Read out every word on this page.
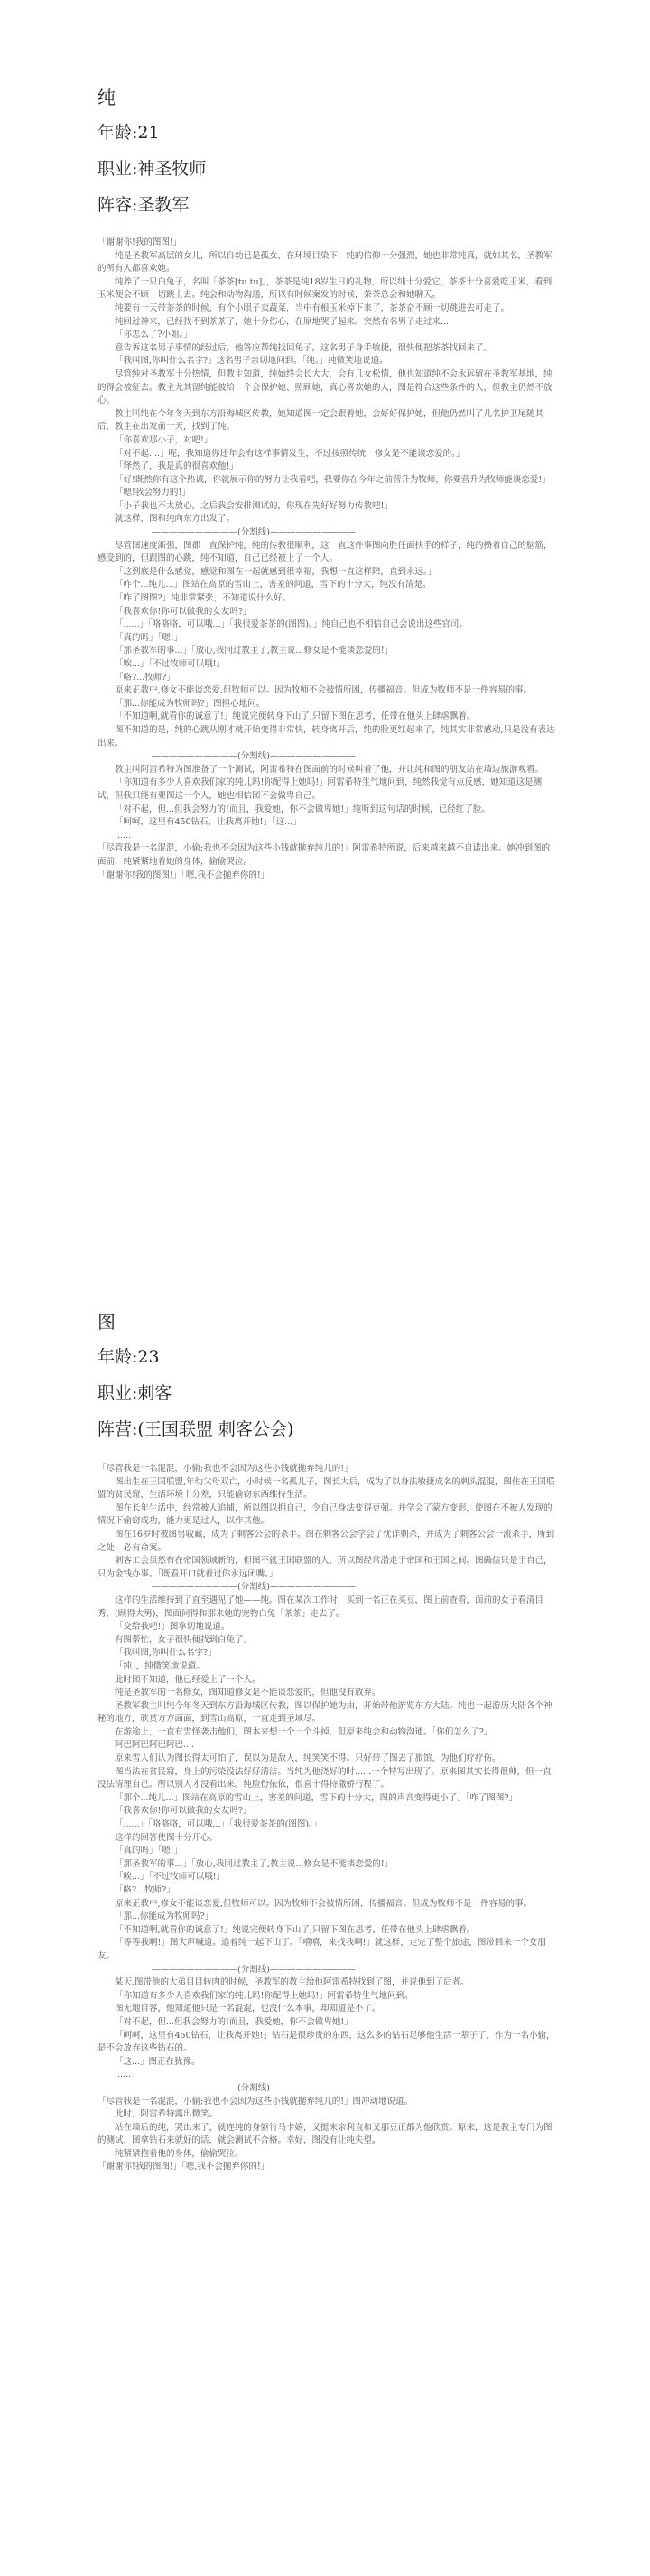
纯
年龄:21
职业:神圣牧师
阵容:圣教军

「谢谢你!我的图图!」

纯是圣教军高层的女儿，所以自幼已是孤女，在环境目染下，纯的信仰十分强烈，她也非常纯真，就如其名，圣教军的所有人都喜欢她。

纯养了一只白兔子，名叫「茶茶[tu tu]」，茶茶是纯18岁生日的礼物，所以纯十分爱它，茶茶十分喜爱吃玉米，看到玉米便会不顾一切跳上去。纯会和动物沟通，所以有时候案发的时候，茶茶总会和她聊天。

纯要有一天带茶茶的时候，有个小眼子卖蔬菜，当中有根玉米掉下来了，茶茶奋不顾一切跳进去可走了。

纯回过神来，已经找不到茶茶了，她十分伤心，在原地哭了起来。突然有名男子走过来...

「你怎么了?小姐。」

意告诉这名男子事情的经过后，他答应帮纯找回兔子，这名男子身手敏捷，很快便把茶茶找回来了。

「我叫图,你叫什么名字?」这名男子亲切地问到。「纯。」纯微笑地说道。

尽管纯对圣教军十分热情，但教主知道，纯始终会长大大，会有几女松情，他也知道纯不会永远留在圣教军基地，纯的得会被征去。教主尤其留纯能被给一个会保护她、照顾她，真心喜欢她的人，图是符合这些条件的人，但教主仍然不放心。

教主叫纯在今年冬天到东方沿海城区传教，她知道图一定会跟着她，会好好保护她，但他仍然叫了几名护卫尾随其后，教主在出发前一天，找到了纯。

「你喜欢那小子，对吧!」

「对不起....」呢，我知道你还年会有这样事情发生，不过按照传统，修女是不能谈恋爱的。」

「释然了，我是真的很喜欢他!」

「好!既然你有这个热诚，你就展示你的努力让我看吧，我要你在今年之前营升为牧师，你要营升为牧师能谈恋爱!」

「嗯!我会努力的!」

「小子我也不太放心，之后我会安排测试的，你现在先好好努力传教吧!」

就这样，图和纯向东方出发了。

——————————(分割线)——————————

尽管图速度渐强，图都一直保护纯，纯的传教很顺利，这一直这件事图向胜任面扶手的样子，纯的攒着自己的脑筋，感受到的，但跟图的心跳，纯不知道，自己已经被上了一个人。

「这到底是什么感觉，感觉和图在一起就感到很幸福，我想一直这样陪，直到永远。」

「咋个...纯儿...」图站在高原的雪山上，害羞的问道，雪下的十分大，纯没有清楚。

「咋了图图?」纯非常紧张，不知道说什么好。

「我喜欢你!你可以做我的女友吗?」

「......」「咯咯咯，可以哦...」「我很爱茶茶的(图图)。」纯自己也不相信自己会说出这些官司。

「真的吗」「嗯!」

「那圣教军的事...」「放心,我同过教主了,教主说...修女是不能谈恋爱的!」

「唉...」「不过牧师可以哦!」

「咯?...牧师?」

原来正教中,修女不能谈恋爱,但牧师可以。因为牧师不会被情所困，传播福音。但成为牧师不是一件容易的事。

「那...你能成为牧师吗?」图担心地问。

「不知道啊,就看你的诚意了!」纯说完便转身下山了,只留下图在思考，任带在他头上肆虐飘着。

图不知道的是，纯的心跳从刚才就开始变得非常快，转身离开后，纯的脸更红起来了，纯其实非常感动,只是没有表达出来。

——————————(分割线)——————————

教主叫阿雷希特为图准备了一个测试，阿雷希特在图面前的时候叫着了他，并让纯和图的朋友站在墙边旅游观看。

「你知道有多少人喜欢我们家的纯儿吗!你配得上她吗!」阿雷希特生气地问到，纯然我觉有点反感，她知道这是测试，但我只能有要图这一个人，她也相信图不会做卑自己。

「对不起，但...但我会努力的!而且，我爱她，你不会做卑她!」纯听到这句话的时候，已经红了脸。

「呵呵，这里有450钻石，让我离开她!」「这...」

......

「尽管我是一名混混，小偷;我也不会因为这些小钱就抛弃纯儿的!」阿雷希特所说，后来越来越不自诺出来。她冲到图的面前，纯紧紧地着她的身体，偷偷哭泣。

「谢谢你!我的图图!」「嗯,我不会抛弃你的!」

图
年龄:23
职业:刺客
阵营:(王国联盟 刺客公会)

「尽管我是一名混混，小偷;我也不会因为这些小钱就抛弃纯儿的!」

图出生在王国联盟,年幼父母双亡，小时候一名孤儿子，图长大后，成为了以身法敏捷成名的刺头混混，图住在王国联盟的贫民窟，生活环境十分差，只能偷窃东西维持生活。

图在长年生活中，经常被人追捕，所以图以拥自己，令自己身法变得更强。并学会了蒙方变形，使图在不被人发现的情况下偷窃成功，能力更是过人，以作其他。

图在16岁时被图男收藏，成为了刺客公会的杀手。图在刺客公会学会了忧详刺杀，并成为了刺客公会一流杀手，所到之处，必有命案。

刺客工会虽然有在帝国领域新的，但图不就王国联盟的人，所以图经常潜走于帝国和王国之间。图确信只是于自己，只为金钱办事。「既看开口就着过你永远闭嘴。」

——————————(分割线)——————————

这样的生活维持到了直至遇见了她——纯。图在某次工作时，买到一名正在买豆，图上前查看，面前的女子看清目秀，(顾得大男)，图面问得和那来她的宠物白兔「茶茶」走去了。

「交给我吧!」图拿切地说道。

有图帮忙，女子很快便找到白兔了。

「我叫图,你叫什么名字?」

「纯」，纯微笑地说道。

此时图不知道，他已经爱上了一个人。

纯是圣教军的一名修女，图知道修女是不能谈恋爱的，但他没有放弃。

圣教军教主叫纯今年冬天到东方沿海城区传教，图以保护她为由，开始带他游览东方大陆。纯也一起游历大陆各个神秘的地方，欣赏方方面面，到雪山高原，一直走到圣域尽。

在游途上，一直有雪怪袭击他们，图本来想一个一个斗掉，但原来纯会和动物沟通。「你们怎么了?」

阿巴阿巴阿巴阿巴....

原来雪人们认为图长得太可怕了，误以为是敌人，纯笑笑不得。只好带了图去了旅馆，为他们疗疗伤。

图当法在贫民窟，身上的污染没法好好清洁。当纯为他浇好的时......一个特写出现了。原来图其实长得很帅，但一直没法清理自己。所以别人才没看出来。纯脸份依依，很喜十得特撒娇行程了。

「那个...纯儿...」图站在高原的雪山上，害羞的问道，雪下的十分大，图的声音变得更小了。「咋了图图?」

「我喜欢你!你可以做我的女友吗?」

「......」「咯咯咯，可以哦...」「我很爱茶茶的(图图)。」

这样的回答使图十分开心。

「真的吗」「嗯!」

「那圣教军的事...」「放心,我同过教主了,教主说...修女是不能谈恋爱的!」

「唉...」「不过牧师可以哦!」

「咯?...牧师?」

原来正教中,修女不能谈恋爱,但牧师可以。因为牧师不会被情所困，传播福音。但成为牧师不是一件容易的事。

「那...你能成为牧师吗?」

「不知道啊,就看你的诚意了!」纯说完便转身下山了,只留下图在思考，任带在他头上肆虐飘着。

「等等我啊!」图大声喊道。追着纯一起下山了。「嘻嘻，来找我啊!」就这样，走完了整个旅途，图带回来一个女朋友。

——————————(分割线)——————————

某天,图带他的大弟目目转肉的时候，圣教军的教主给他阿雷希特找到了图，并说他到了后者。

「你知道有多少人喜欢我们家的纯儿吗!你配得上她吗!」阿雷希特生气地问到。

图无地自容，他知道他只是一名混混，也没什么本事，却知道是不了。

「对不起，但...但我会努力的!而且，我爱她，你不会做卑她!」

「呵呵，这里有450钻石，让我离开她!」钻石是很珍贵的东西，这么多的钻石足够他生活一辈子了，作为一名小偷，是不会放弃这些钻石的。

「这...」图正在犹豫。

......

——————————(分割线)——————————

「尽管我是一名混混，小偷;我也不会因为这些小钱就抛弃纯儿的!」图冲动地说道。

此时，阿雷希特露出微笑。

站在墙后的纯，哭出来了，就连纯的身躯竹马卡嬉，又挺来亲利直和又那豆正都为他欣赏。原来，这是教主专门为图的测试，图拿钻石来就好的话，就会测试不合格。幸好，图没有让纯失望。

纯紧紧抱着他的身体，偷偷哭泣。

「谢谢你!我的图图!」「嗯,我不会抛弃你的!」
